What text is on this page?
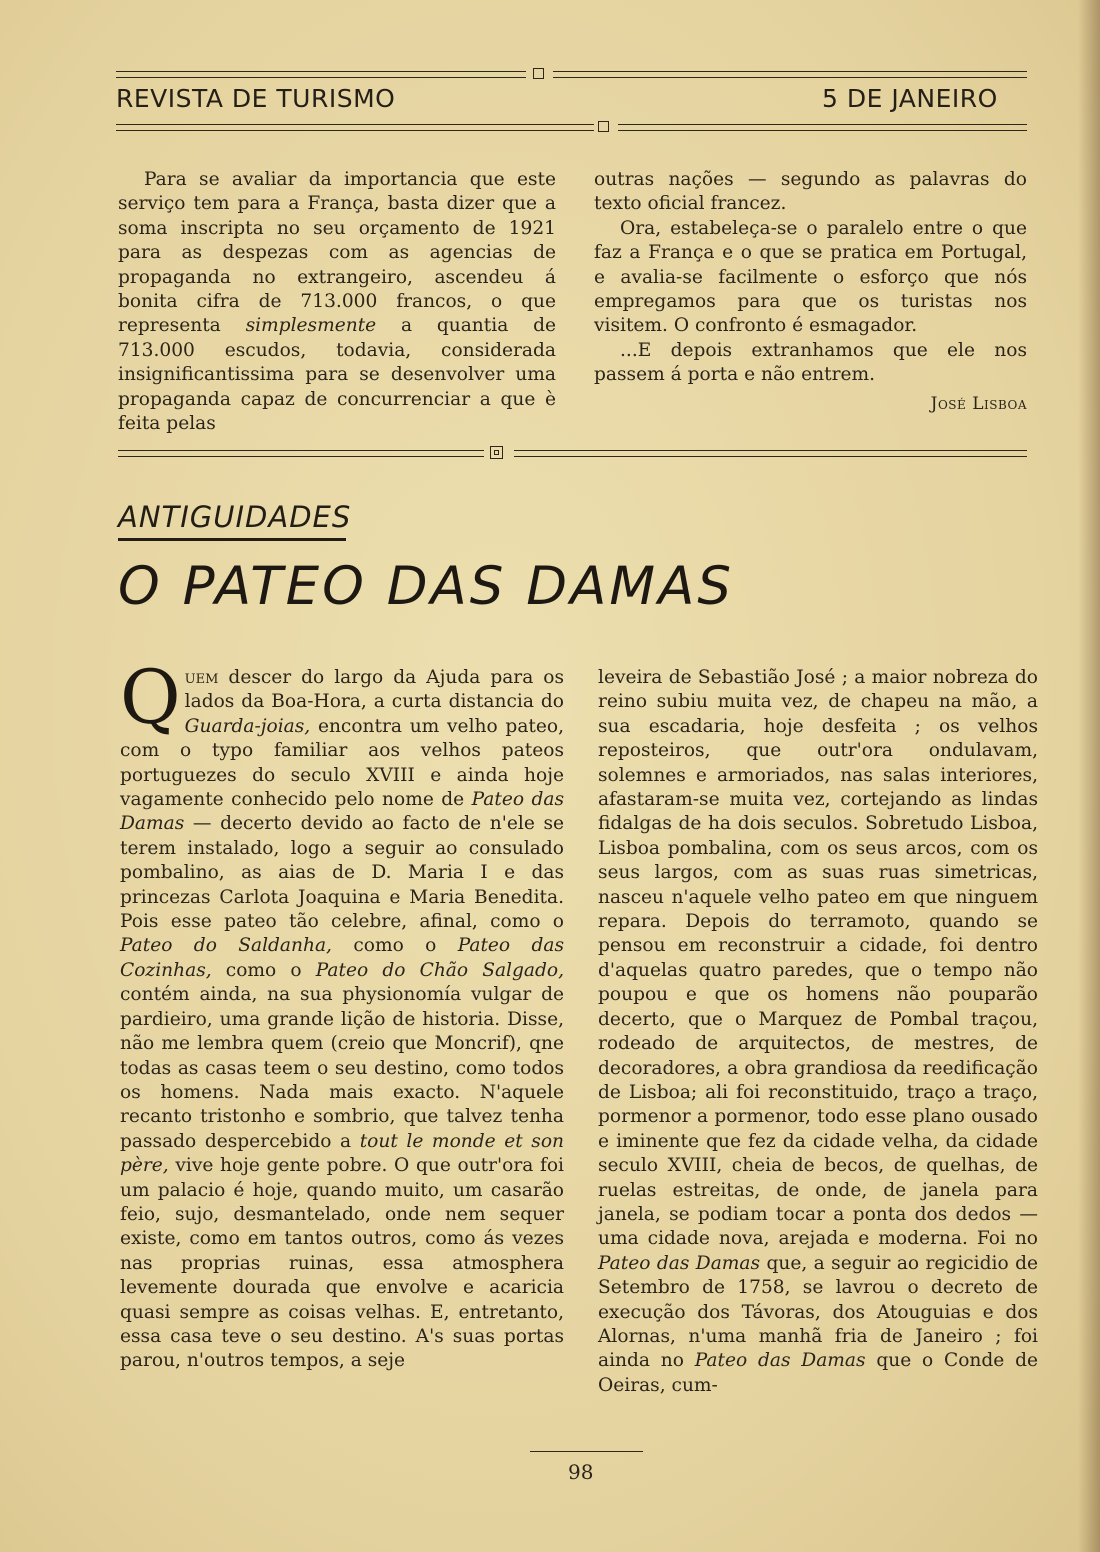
REVISTA DE TURISMO	5 DE JANEIRO

Para se avaliar da importancia que este serviço tem para a França, basta dizer que a soma inscripta no seu orçamento de 1921 para as despezas com as agencias de propaganda no extrangeiro, ascendeu á bonita cifra de 713.000 francos, o que representa simplesmente a quantia de 713.000 escudos, todavia, considerada insignificantissima para se desenvolver uma propaganda capaz de concurrenciar a que è feita pelas

outras nações — segundo as palavras do texto oficial francez.

Ora, estabeleça-se o paralelo entre o que faz a França e o que se pratica em Portugal, e avalia-se facilmente o esforço que nós empregamos para que os turistas nos visitem. O confronto é esmagador.

...E depois extranhamos que ele nos passem á porta e não entrem.

José Lisboa

ANTIGUIDADES
O PATEO DAS DAMAS

Quem descer do largo da Ajuda para os lados da Boa-Hora, a curta distancia do Guarda-joias, encontra um velho pateo, com o typo familiar aos velhos pateos portuguezes do seculo XVIII e ainda hoje vagamente conhecido pelo nome de Pateo das Damas — decerto devido ao facto de n'ele se terem instalado, logo a seguir ao consulado pombalino, as aias de D. Maria I e das princezas Carlota Joaquina e Maria Benedita. Pois esse pateo tão celebre, afinal, como o Pateo do Saldanha, como o Pateo das Cozinhas, como o Pateo do Chão Salgado, contém ainda, na sua physionomía vulgar de pardieiro, uma grande lição de historia. Disse, não me lembra quem (creio que Moncrif), qne todas as casas teem o seu destino, como todos os homens. Nada mais exacto. N'aquele recanto tristonho e sombrio, que talvez tenha passado despercebido a tout le monde et son père, vive hoje gente pobre. O que outr'ora foi um palacio é hoje, quando muito, um casarão feio, sujo, desmantelado, onde nem sequer existe, como em tantos outros, como ás vezes nas proprias ruinas, essa atmosphera levemente dourada que envolve e acaricia quasi sempre as coisas velhas. E, entretanto, essa casa teve o seu destino. A's suas portas parou, n'outros tempos, a seje

leveira de Sebastião José ; a maior nobreza do reino subiu muita vez, de chapeu na mão, a sua escadaria, hoje desfeita ; os velhos reposteiros, que outr'ora ondulavam, solemnes e armoriados, nas salas interiores, afastaram-se muita vez, cortejando as lindas fidalgas de ha dois seculos. Sobretudo Lisboa, Lisboa pombalina, com os seus arcos, com os seus largos, com as suas ruas simetricas, nasceu n'aquele velho pateo em que ninguem repara. Depois do terramoto, quando se pensou em reconstruir a cidade, foi dentro d'aquelas quatro paredes, que o tempo não poupou e que os homens não pouparão decerto, que o Marquez de Pombal traçou, rodeado de arquitectos, de mestres, de decoradores, a obra grandiosa da reedificação de Lisboa; ali foi reconstituido, traço a traço, pormenor a pormenor, todo esse plano ousado e iminente que fez da cidade velha, da cidade seculo XVIII, cheia de becos, de quelhas, de ruelas estreitas, de onde, de janela para janela, se podiam tocar a ponta dos dedos — uma cidade nova, arejada e moderna. Foi no Pateo das Damas que, a seguir ao regicidio de Setembro de 1758, se lavrou o decreto de execução dos Távoras, dos Atouguias e dos Alornas, n'uma manhã fria de Janeiro ; foi ainda no Pateo das Damas que o Conde de Oeiras, cum-

98
